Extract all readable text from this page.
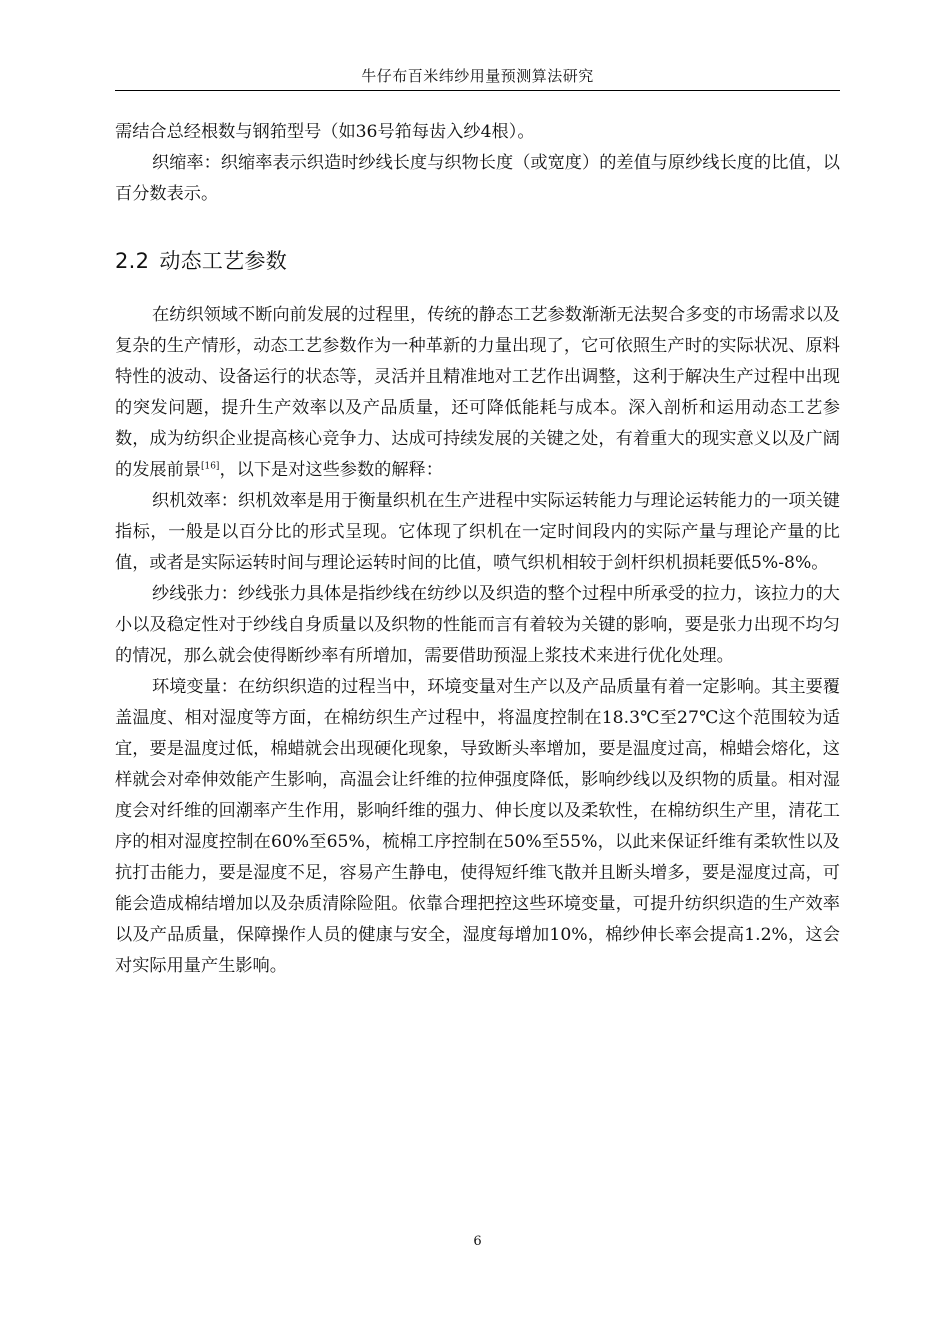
牛仔布百米纬纱用量预测算法研究

需结合总经根数与钢筘型号（如36号筘每齿入纱4根）。

织缩率：织缩率表示织造时纱线长度与织物长度（或宽度）的差值与原纱线长度的比值，以百分数表示。

2.2 动态工艺参数

在纺织领域不断向前发展的过程里，传统的静态工艺参数渐渐无法契合多变的市场需求以及复杂的生产情形，动态工艺参数作为一种革新的力量出现了，它可依照生产时的实际状况、原料特性的波动、设备运行的状态等，灵活并且精准地对工艺作出调整，这利于解决生产过程中出现的突发问题，提升生产效率以及产品质量，还可降低能耗与成本。深入剖析和运用动态工艺参数，成为纺织企业提高核心竞争力、达成可持续发展的关键之处，有着重大的现实意义以及广阔的发展前景[16]，以下是对这些参数的解释：

织机效率：织机效率是用于衡量织机在生产进程中实际运转能力与理论运转能力的一项关键指标，一般是以百分比的形式呈现。它体现了织机在一定时间段内的实际产量与理论产量的比值，或者是实际运转时间与理论运转时间的比值，喷气织机相较于剑杆织机损耗要低5%-8%。

纱线张力：纱线张力具体是指纱线在纺纱以及织造的整个过程中所承受的拉力，该拉力的大小以及稳定性对于纱线自身质量以及织物的性能而言有着较为关键的影响，要是张力出现不均匀的情况，那么就会使得断纱率有所增加，需要借助预湿上浆技术来进行优化处理。

环境变量：在纺织织造的过程当中，环境变量对生产以及产品质量有着一定影响。其主要覆盖温度、相对湿度等方面，在棉纺织生产过程中，将温度控制在18.3℃至27℃这个范围较为适宜，要是温度过低，棉蜡就会出现硬化现象，导致断头率增加，要是温度过高，棉蜡会熔化，这样就会对牵伸效能产生影响，高温会让纤维的拉伸强度降低，影响纱线以及织物的质量。相对湿度会对纤维的回潮率产生作用，影响纤维的强力、伸长度以及柔软性，在棉纺织生产里，清花工序的相对湿度控制在60%至65%，梳棉工序控制在50%至55%，以此来保证纤维有柔软性以及抗打击能力，要是湿度不足，容易产生静电，使得短纤维飞散并且断头增多，要是湿度过高，可能会造成棉结增加以及杂质清除险阻。依靠合理把控这些环境变量，可提升纺织织造的生产效率以及产品质量，保障操作人员的健康与安全，湿度每增加10%，棉纱伸长率会提高1.2%，这会对实际用量产生影响。

6
